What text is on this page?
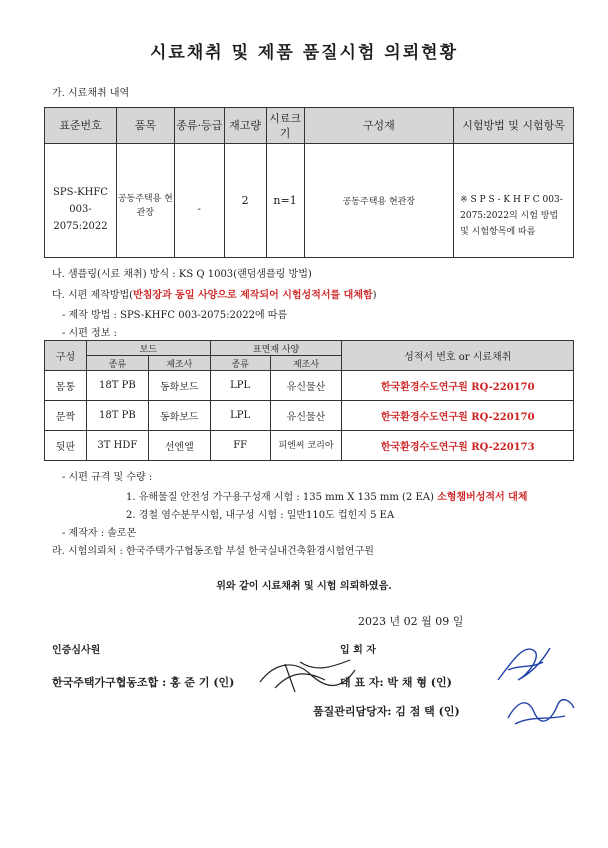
시료채취 및 제품 품질시험 의뢰현황
가. 시료채취 내역
표준번호	품목	종류·등급	재고량	시료크기	구성재	시험방법 및 시험항목
SPS-KHFC 003-2075:2022	공동주택용 현관장	-	2	n=1	공동주택용 현관장	※ S P S - K H F C 003-2075:2022의 시험 방법 및 시험항목에 따름
나. 샘플링(시료 채취) 방식 : KS Q 1003(랜덤샘플링 방법)
다. 시편 제작방법(반침장과 동일 사양으로 제작되어 시험성적서를 대체함)
- 제작 방법 : SPS-KHFC 003-2075:2022에 따름
- 시편 정보 :
구성	보드		표면재 사양		성적서 번호 or 시료채취
	종류	제조사	종류	제조사	
몸통	18T PB	동화보드	LPL	유신물산	한국환경수도연구원 RQ-220170
문짝	18T PB	동화보드	LPL	유신물산	한국환경수도연구원 RQ-220170
뒷판	3T HDF	선엔엘	FF	피엔씨 코리아	한국환경수도연구원 RQ-220173
- 시편 규격 및 수량 :
1. 유해물질 안전성 가구용구성재 시험 : 135 mm X 135 mm (2 EA) 소형챔버성적서 대체
2. 경철 염수분무시험, 내구성 시험 : 일반110도 컵힌지 5 EA
- 제작자 : 솔로몬
라. 시험의뢰처 : 한국주택가구협동조합 부설 한국실내건축환경시험연구원
위와 같이 시료채취 및 시험 의뢰하였음.
2023 년 02 월 09 일
인증심사원	입 회 자
한국주택가구협동조합 : 홍 준 기 (인)	대 표 자: 박 채 형 (인)
품질관리담당자: 김 점 택 (인)
